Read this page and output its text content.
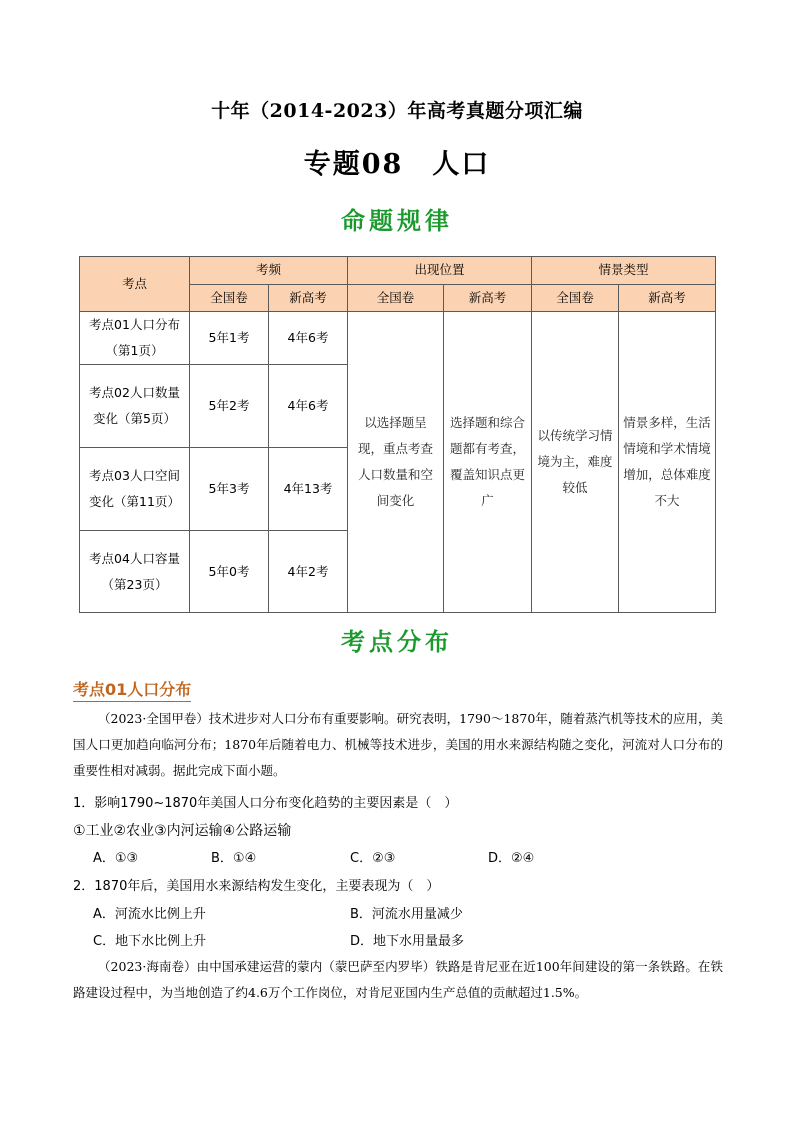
十年（2014-2023）年高考真题分项汇编
专题08　人口
命题规律
考点	考频		出现位置		情景类型	
	全国卷	新高考	全国卷	新高考	全国卷	新高考
考点01人口分布（第1页）	5年1考	4年6考	以选择题呈现，重点考查人口数量和空间变化	选择题和综合题都有考查，覆盖知识点更广	以传统学习情境为主，难度较低	情景多样，生活情境和学术情境增加，总体难度不大
考点02人口数量变化（第5页）	5年2考	4年6考				
考点03人口空间变化（第11页）	5年3考	4年13考				
考点04人口容量（第23页）	5年0考	4年2考				
考点分布
考点01人口分布
（2023·全国甲卷）技术进步对人口分布有重要影响。研究表明，1790～1870年，随着蒸汽机等技术的应用，美国人口更加趋向临河分布；1870年后随着电力、机械等技术进步，美国的用水来源结构随之变化，河流对人口分布的重要性相对减弱。据此完成下面小题。
1．影响1790~1870年美国人口分布变化趋势的主要因素是（　）
①工业②农业③内河运输④公路运输
A．①③	B．①④	C．②③	D．②④
2．1870年后，美国用水来源结构发生变化，主要表现为（　）
A．河流水比例上升	B．河流水用量减少
C．地下水比例上升	D．地下水用量最多
（2023·海南卷）由中国承建运营的蒙内（蒙巴萨至内罗毕）铁路是肯尼亚在近100年间建设的第一条铁路。在铁路建设过程中，为当地创造了约4.6万个工作岗位，对肯尼亚国内生产总值的贡献超过1.5%。
